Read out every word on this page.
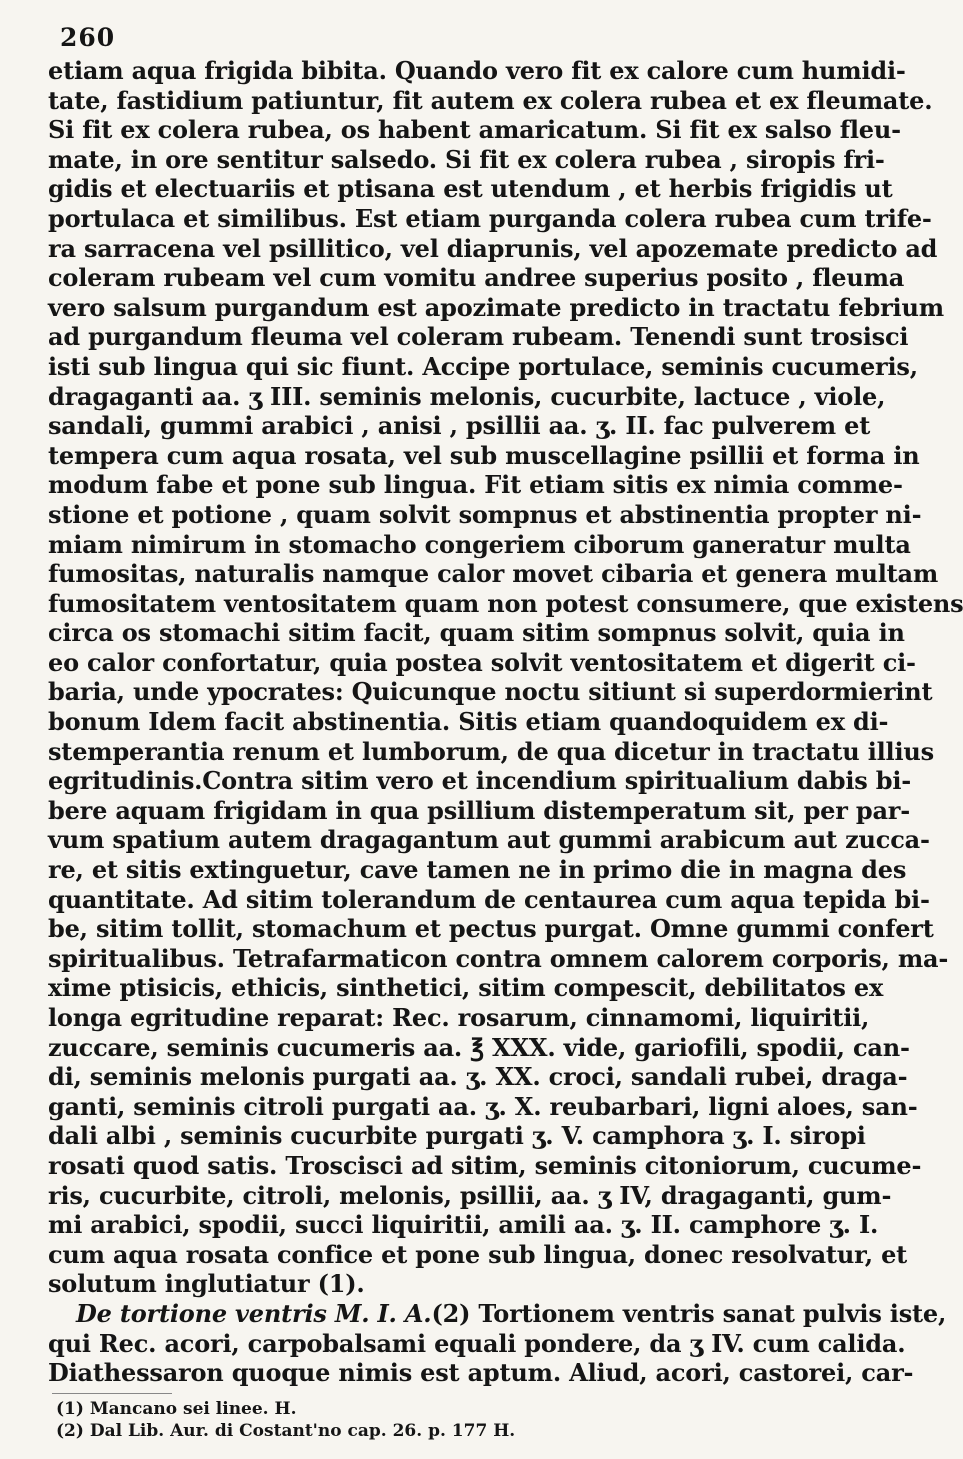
260
etiam aqua frigida bibita. Quando vero fit ex calore cum humidi-
tate, fastidium patiuntur, fit autem ex colera rubea et ex fleumate.
Si fit ex colera rubea, os habent amaricatum. Si fit ex salso fleu-
mate, in ore sentitur salsedo. Si fit ex colera rubea , siropis fri-
gidis et electuariis et ptisana est utendum , et herbis frigidis ut
portulaca et similibus. Est etiam purganda colera rubea cum trife-
ra sarracena vel psillitico, vel diaprunis, vel apozemate predicto ad
coleram rubeam vel cum vomitu andree superius posito , fleuma
vero salsum purgandum est apozimate predicto in tractatu febrium
ad purgandum fleuma vel coleram rubeam. Tenendi sunt trosisci
isti sub lingua qui sic fiunt. Accipe portulace, seminis cucumeris,
dragaganti aa. ʒ III. seminis melonis, cucurbite, lactuce , viole,
sandali, gummi arabici , anisi , psillii aa. ʒ. II. fac pulverem et
tempera cum aqua rosata, vel sub muscellagine psillii et forma in
modum fabe et pone sub lingua. Fit etiam sitis ex nimia comme-
stione et potione , quam solvit sompnus et abstinentia propter ni-
miam nimirum in stomacho congeriem ciborum ganeratur multa
fumositas, naturalis namque calor movet cibaria et genera multam
fumositatem ventositatem quam non potest consumere, que existens
circa os stomachi sitim facit, quam sitim sompnus solvit, quia in
eo calor confortatur, quia postea solvit ventositatem et digerit ci-
baria, unde ypocrates: Quicunque noctu sitiunt si superdormierint
bonum Idem facit abstinentia. Sitis etiam quandoquidem ex di-
stemperantia renum et lumborum, de qua dicetur in tractatu illius
egritudinis.Contra sitim vero et incendium spiritualium dabis bi-
bere aquam frigidam in qua psillium distemperatum sit, per par-
vum spatium autem dragagantum aut gummi arabicum aut zucca-
re, et sitis extinguetur, cave tamen ne in primo die in magna des
quantitate. Ad sitim tolerandum de centaurea cum aqua tepida bi-
be, sitim tollit, stomachum et pectus purgat. Omne gummi confert
spiritualibus. Tetrafarmaticon contra omnem calorem corporis, ma-
xime ptisicis, ethicis, sinthetici, sitim compescit, debilitatos ex
longa egritudine reparat: Rec. rosarum, cinnamomi, liquiritii,
zuccare, seminis cucumeris aa. ℥ XXX. vide, gariofili, spodii, can-
di, seminis melonis purgati aa. ʒ. XX. croci, sandali rubei, draga-
ganti, seminis citroli purgati aa. ʒ. X. reubarbari, ligni aloes, san-
dali albi , seminis cucurbite purgati ʒ. V. camphora ʒ. I. siropi
rosati quod satis. Troscisci ad sitim, seminis citoniorum, cucume-
ris, cucurbite, citroli, melonis, psillii, aa. ʒ IV, dragaganti, gum-
mi arabici, spodii, succi liquiritii, amili aa. ʒ. II. camphore ʒ. I.
cum aqua rosata confice et pone sub lingua, donec resolvatur, et
solutum inglutiatur (1).
De tortione ventris M. I. A.(2) Tortionem ventris sanat pulvis iste,
qui Rec. acori, carpobalsami equali pondere, da ʒ IV. cum calida.
Diathessaron quoque nimis est aptum. Aliud, acori, castorei, car-
(1) Mancano sei linee. H.
(2) Dal Lib. Aur. di Costant'no cap. 26. p. 177 H.
